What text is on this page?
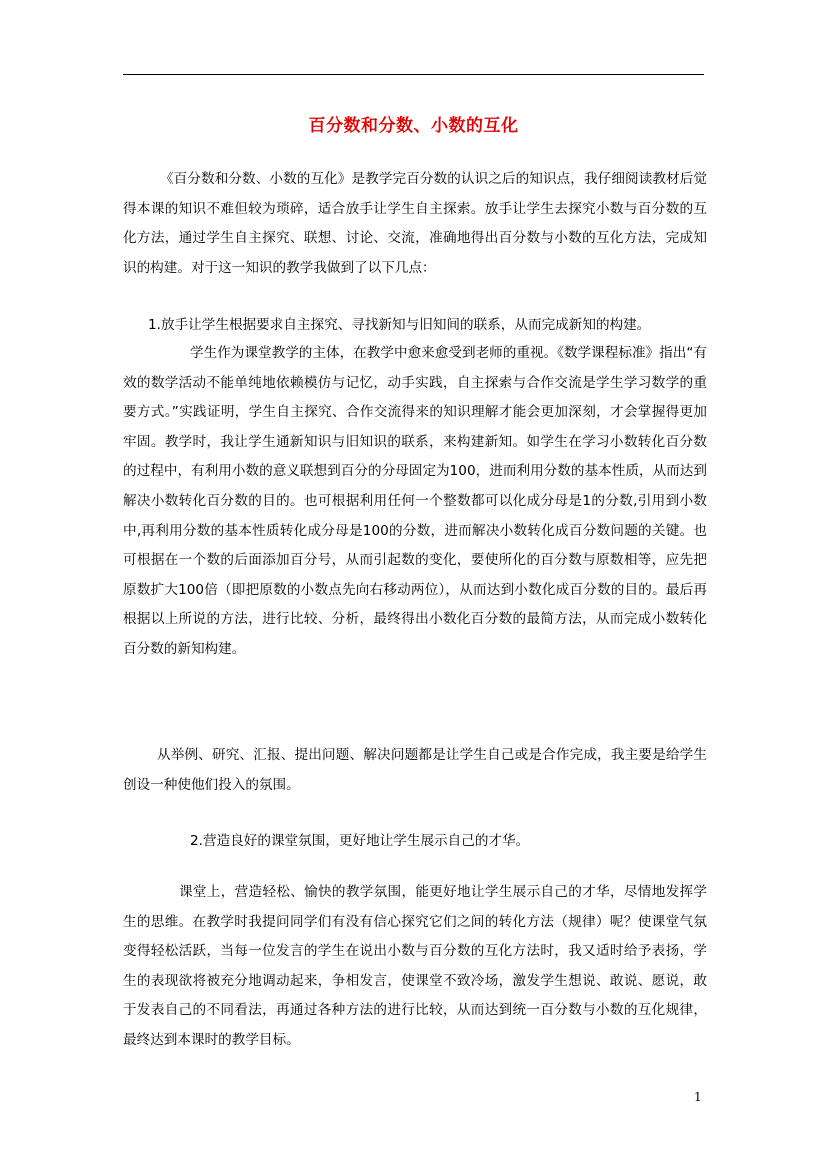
百分数和分数、小数的互化
《百分数和分数、小数的互化》是教学完百分数的认识之后的知识点，我仔细阅读教材后觉得本课的知识不难但较为琐碎，适合放手让学生自主探索。放手让学生去探究小数与百分数的互化方法，通过学生自主探究、联想、讨论、交流，准确地得出百分数与小数的互化方法，完成知识的构建。对于这一知识的教学我做到了以下几点：
1.放手让学生根据要求自主探究、寻找新知与旧知间的联系，从而完成新知的构建。
学生作为课堂教学的主体，在教学中愈来愈受到老师的重视。《数学课程标准》指出“有效的数学活动不能单纯地依赖模仿与记忆，动手实践，自主探索与合作交流是学生学习数学的重要方式。”实践证明，学生自主探究、合作交流得来的知识理解才能会更加深刻，才会掌握得更加牢固。教学时，我让学生通新知识与旧知识的联系，来构建新知。如学生在学习小数转化百分数的过程中，有利用小数的意义联想到百分的分母固定为100，进而利用分数的基本性质，从而达到解决小数转化百分数的目的。也可根据利用任何一个整数都可以化成分母是1的分数,引用到小数中,再利用分数的基本性质转化成分母是100的分数，进而解决小数转化成百分数问题的关键。也可根据在一个数的后面添加百分号，从而引起数的变化，要使所化的百分数与原数相等，应先把原数扩大100倍（即把原数的小数点先向右移动两位），从而达到小数化成百分数的目的。最后再根据以上所说的方法，进行比较、分析，最终得出小数化百分数的最简方法，从而完成小数转化百分数的新知构建。
从举例、研究、汇报、提出问题、解决问题都是让学生自己或是合作完成，我主要是给学生创设一种使他们投入的氛围。
2.营造良好的课堂氛围，更好地让学生展示自己的才华。
课堂上，营造轻松、愉快的教学氛围，能更好地让学生展示自己的才华，尽情地发挥学生的思维。在教学时我提问同学们有没有信心探究它们之间的转化方法（规律）呢？使课堂气氛变得轻松活跃，当每一位发言的学生在说出小数与百分数的互化方法时，我又适时给予表扬，学生的表现欲将被充分地调动起来，争相发言，使课堂不致冷场，激发学生想说、敢说、愿说，敢于发表自己的不同看法，再通过各种方法的进行比较，从而达到统一百分数与小数的互化规律，最终达到本课时的教学目标。
1
